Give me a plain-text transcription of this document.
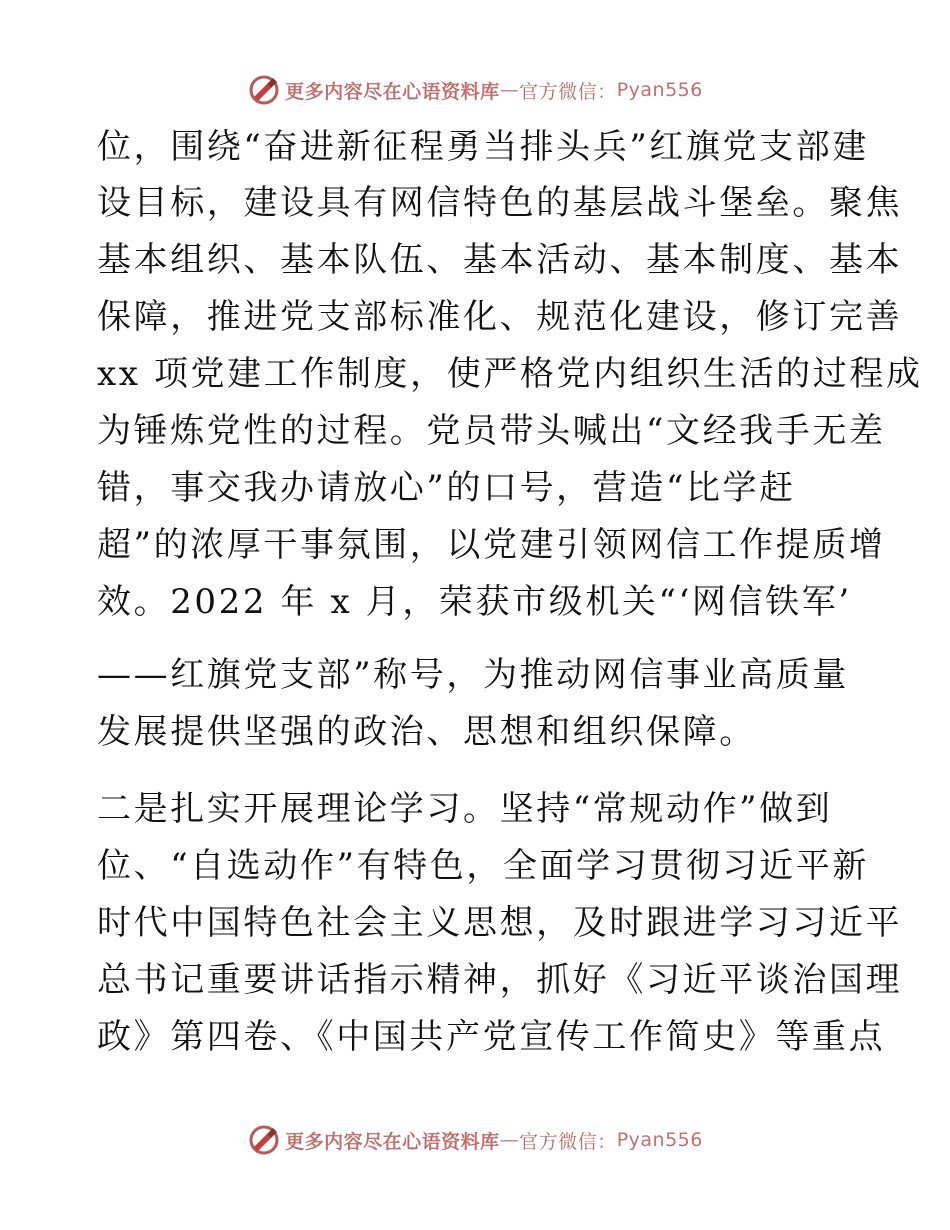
更多内容尽在心语资料库 — 官方微信： Pyan556
位，围绕“奋进新征程勇当排头兵”红旗党支部建
设目标，建设具有网信特色的基层战斗堡垒。聚焦
基本组织、基本队伍、基本活动、基本制度、基本
保障，推进党支部标准化、规范化建设，修订完善
xx 项党建工作制度，使严格党内组织生活的过程成
为锤炼党性的过程。党员带头喊出“文经我手无差
错，事交我办请放心”的口号，营造“比学赶
超”的浓厚干事氛围，以党建引领网信工作提质增
效。2022 年 x 月，荣获市级机关“‘网信铁军’
——红旗党支部”称号，为推动网信事业高质量
发展提供坚强的政治、思想和组织保障。
二是扎实开展理论学习。坚持“常规动作”做到
位、“自选动作”有特色，全面学习贯彻习近平新
时代中国特色社会主义思想，及时跟进学习习近平
总书记重要讲话指示精神，抓好《习近平谈治国理
政》第四卷、《中国共产党宣传工作简史》等重点
更多内容尽在心语资料库 — 官方微信： Pyan556
